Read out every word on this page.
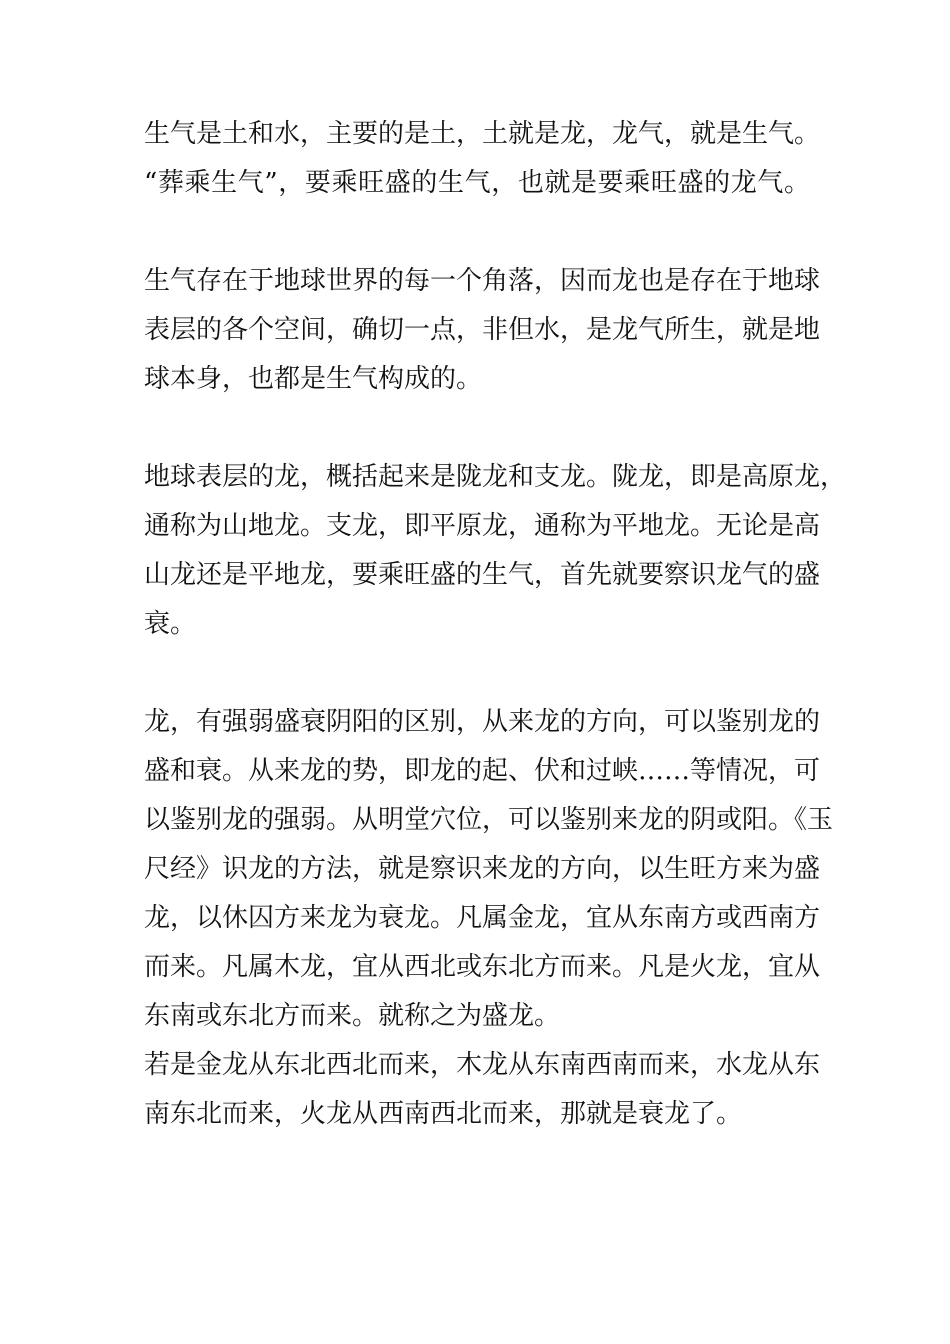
生气是土和水，主要的是土，土就是龙，龙气，就是生气。
“葬乘生气”，要乘旺盛的生气，也就是要乘旺盛的龙气。
生气存在于地球世界的每一个角落，因而龙也是存在于地球
表层的各个空间，确切一点，非但水，是龙气所生，就是地
球本身，也都是生气构成的。
地球表层的龙，概括起来是陇龙和支龙。陇龙，即是高原龙，
通称为山地龙。支龙，即平原龙，通称为平地龙。无论是高
山龙还是平地龙，要乘旺盛的生气，首先就要察识龙气的盛
衰。
龙，有强弱盛衰阴阳的区别，从来龙的方向，可以鉴别龙的
盛和衰。从来龙的势，即龙的起、伏和过峡……等情况，可
以鉴别龙的强弱。从明堂穴位，可以鉴别来龙的阴或阳。《玉
尺经》识龙的方法，就是察识来龙的方向，以生旺方来为盛
龙，以休囚方来龙为衰龙。凡属金龙，宜从东南方或西南方
而来。凡属木龙，宜从西北或东北方而来。凡是火龙，宜从
东南或东北方而来。就称之为盛龙。
若是金龙从东北西北而来，木龙从东南西南而来，水龙从东
南东北而来，火龙从西南西北而来，那就是衰龙了。
